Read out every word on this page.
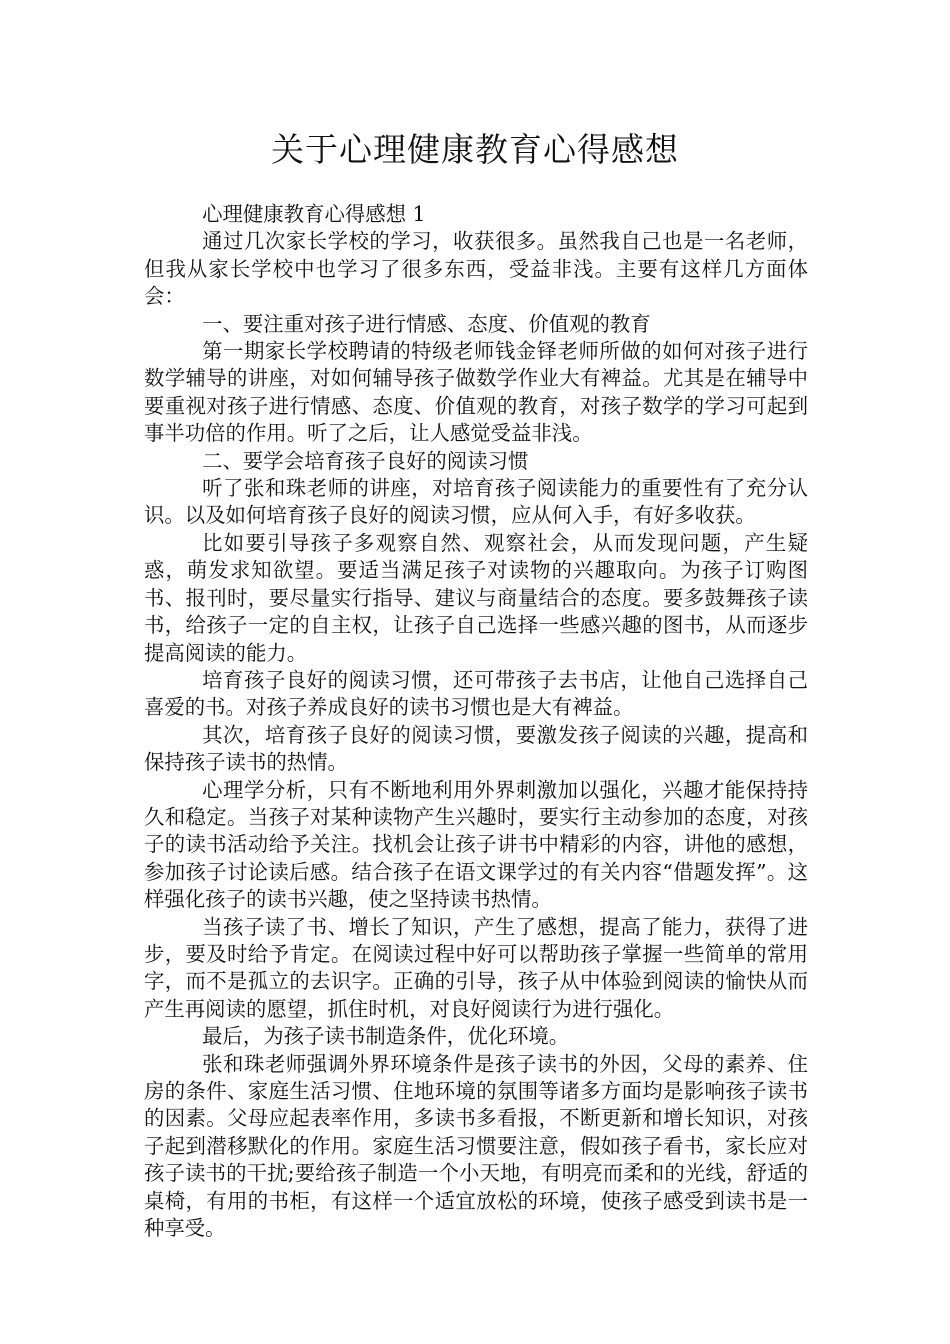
关于心理健康教育心得感想

心理健康教育心得感想 1

通过几次家长学校的学习，收获很多。虽然我自己也是一名老师，但我从家长学校中也学习了很多东西，受益非浅。主要有这样几方面体会：

一、要注重对孩子进行情感、态度、价值观的教育

第一期家长学校聘请的特级老师钱金铎老师所做的如何对孩子进行数学辅导的讲座，对如何辅导孩子做数学作业大有裨益。尤其是在辅导中要重视对孩子进行情感、态度、价值观的教育，对孩子数学的学习可起到事半功倍的作用。听了之后，让人感觉受益非浅。

二、要学会培育孩子良好的阅读习惯

听了张和珠老师的讲座，对培育孩子阅读能力的重要性有了充分认识。以及如何培育孩子良好的阅读习惯，应从何入手，有好多收获。

比如要引导孩子多观察自然、观察社会，从而发现问题，产生疑惑，萌发求知欲望。要适当满足孩子对读物的兴趣取向。为孩子订购图书、报刊时，要尽量实行指导、建议与商量结合的态度。要多鼓舞孩子读书，给孩子一定的自主权，让孩子自己选择一些感兴趣的图书，从而逐步提高阅读的能力。

培育孩子良好的阅读习惯，还可带孩子去书店，让他自己选择自己喜爱的书。对孩子养成良好的读书习惯也是大有裨益。

其次，培育孩子良好的阅读习惯，要激发孩子阅读的兴趣，提高和保持孩子读书的热情。

心理学分析，只有不断地利用外界刺激加以强化，兴趣才能保持持久和稳定。当孩子对某种读物产生兴趣时，要实行主动参加的态度，对孩子的读书活动给予关注。找机会让孩子讲书中精彩的内容，讲他的感想，参加孩子讨论读后感。结合孩子在语文课学过的有关内容“借题发挥”。这样强化孩子的读书兴趣，使之坚持读书热情。

当孩子读了书、增长了知识，产生了感想，提高了能力，获得了进步，要及时给予肯定。在阅读过程中好可以帮助孩子掌握一些简单的常用字，而不是孤立的去识字。正确的引导，孩子从中体验到阅读的愉快从而产生再阅读的愿望，抓住时机，对良好阅读行为进行强化。

最后，为孩子读书制造条件，优化环境。

张和珠老师强调外界环境条件是孩子读书的外因，父母的素养、住房的条件、家庭生活习惯、住地环境的氛围等诸多方面均是影响孩子读书的因素。父母应起表率作用，多读书多看报，不断更新和增长知识，对孩子起到潜移默化的作用。家庭生活习惯要注意，假如孩子看书，家长应对孩子读书的干扰;要给孩子制造一个小天地，有明亮而柔和的光线，舒适的桌椅，有用的书柜，有这样一个适宜放松的环境，使孩子感受到读书是一种享受。
